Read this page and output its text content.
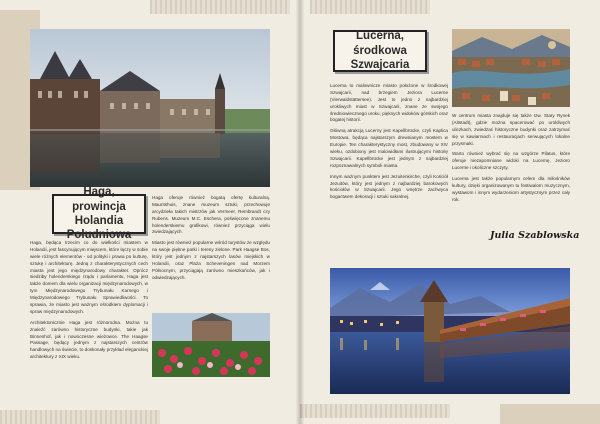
Haga, prowincja
Holandia Południowa

Haga, będąca trzecim co do wielkości miastem w Holandii, jest fascynującym miejscem, które łączy w sobie wiele różnych elementów - od polityki i prawa po kulturę, sztukę i architekturę. Jedną z charakterystycznych cech miasta jest jego międzynarodowy charakter. Oprócz siedziby holenderskiego rządu i parlamentu, Haga jest także domem dla wielu organizacji międzynarodowych, w tym Międzynarodowego Trybunału Karnego i Międzynarodowego Trybunału Sprawiedliwości. To sprawia, że miasto jest ważnym ośrodkiem dyplomacji i spraw międzynarodowych.

Architektonicznie Haga jest różnorodna. Można tu znaleźć zarówno historyczne budynki, takie jak Binnenhof, jak i nowoczesne wieżowce. The Haagse Passage, będący jednym z najstarszych centrów handlowych na świecie, to doskonały przykład eleganckiej architektury z XIX wieku.

Haga oferuje również bogatą ofertę kulturalną. Mauritshuis, znane muzeum sztuki, przechowuje arcydzieła takich mistrzów jak Vermeer, Rembrandt czy Rubens. Muzeum M.C. Eschera, poświęcone znanemu holenderskiemu grafikowi, również przyciąga wielu zwiedzających.

Miasto jest również popularne wśród turystów ze względu na swoje piękne parki i tereny zielone. Park Haagse Bos, który jest jednym z najstarszych lasów miejskich w Holandii, oraz Plaża Scheveningen nad Morzem Północnym, przyciągają zarówno mieszkańców, jak i odwiedzających.

Lucerna, środkowa
Szwajcaria

Lucerna to malownicze miasto położone w środkowej Szwajcarii, nad brzegiem Jeziora Lucerne (Vierwaldstättersee). Jest to jedno z najbardziej urokliwych miast w Szwajcarii, znane ze swojego średniowiecznego uroku, pięknych widoków górskich oraz bogatej historii.

Główną atrakcją Lucerny jest Kapellbrücke, czyli Kaplica Mostowa, będąca najstarszym drewnianym mostem w Europie. Ten charakterystyczny most, zbudowany w XIV wieku, ozdobiony jest malowidłami ilustrującymi historię Szwajcarii. Kapellbrücke jest jednym z najbardziej rozpoznawalnych symboli miasta.

Innym ważnym punktem jest Jezuitenkirche, czyli Kościół Jezuitów, który jest jednym z najbardziej barokowych kościołów w Szwajcarii. Jego wnętrze zachwyca bogactwem dekoracji i sztuki sakralnej.

W centrum miasta znajduje się także tzw. Stary Rynek (Altstadt), gdzie można spacerować po urokliwych uliczkach, zwiedzać historyczne budynki oraz zatrzymać się w kawiarniach i restauracjach serwujących lokalne przysmaki.

Warto również wybrać się na wzgórze Pilatus, które oferuje niezapomniane widoki na Lucernę, Jezioro Lucerne i okoliczne szczyty.

Lucerna jest także popularnym celem dla miłośników kultury, dzięki organizowanym tu festiwalom muzycznym, wystawom i innym wydarzeniom artystycznym przez cały rok.

Julia Szablowska
